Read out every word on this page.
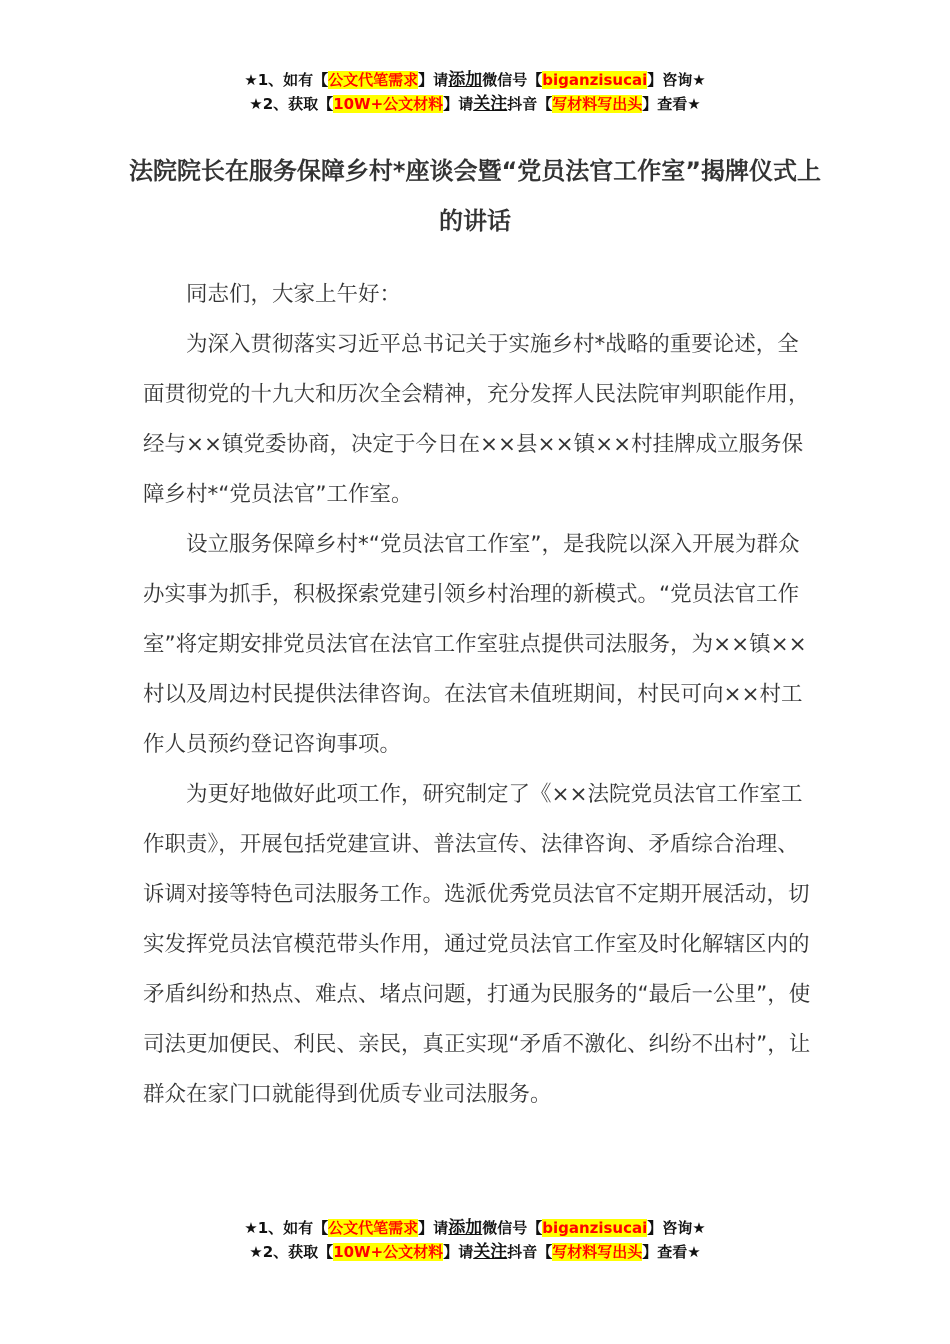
★1、如有【公文代笔需求】请添加微信号【biganzisucai】咨询★
★2、获取【10W+公文材料】请关注抖音【写材料写出头】查看★
法院院长在服务保障乡村*座谈会暨“党员法官工作室”揭牌仪式上的讲话

同志们，大家上午好：

为深入贯彻落实习近平总书记关于实施乡村*战略的重要论述，全面贯彻党的十九大和历次全会精神，充分发挥人民法院审判职能作用，经与××镇党委协商，决定于今日在××县××镇××村挂牌成立服务保障乡村*“党员法官”工作室。

设立服务保障乡村*“党员法官工作室”，是我院以深入开展为群众办实事为抓手，积极探索党建引领乡村治理的新模式。“党员法官工作室”将定期安排党员法官在法官工作室驻点提供司法服务，为××镇××村以及周边村民提供法律咨询。在法官未值班期间，村民可向××村工作人员预约登记咨询事项。

为更好地做好此项工作，研究制定了《××法院党员法官工作室工作职责》，开展包括党建宣讲、普法宣传、法律咨询、矛盾综合治理、诉调对接等特色司法服务工作。选派优秀党员法官不定期开展活动，切实发挥党员法官模范带头作用，通过党员法官工作室及时化解辖区内的矛盾纠纷和热点、难点、堵点问题，打通为民服务的“最后一公里”，使司法更加便民、利民、亲民，真正实现“矛盾不激化、纠纷不出村”，让群众在家门口就能得到优质专业司法服务。

★1、如有【公文代笔需求】请添加微信号【biganzisucai】咨询★
★2、获取【10W+公文材料】请关注抖音【写材料写出头】查看★
